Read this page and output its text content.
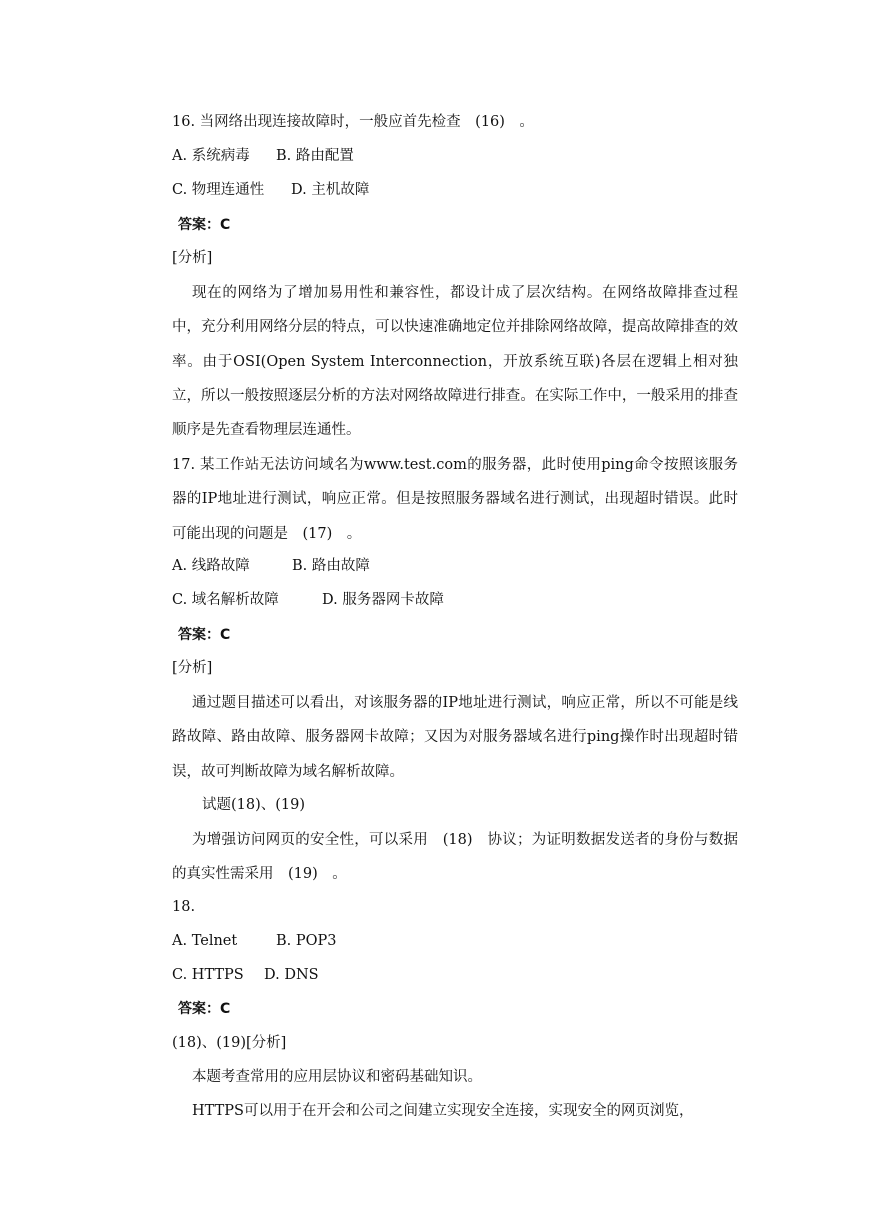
16. 当网络出现连接故障时，一般应首先检查　(16)　。
A. 系统病毒 B. 路由配置
C. 物理连通性 D. 主机故障
答案：C
[分析]
现在的网络为了增加易用性和兼容性，都设计成了层次结构。在网络故障排查过程中，充分利用网络分层的特点，可以快速准确地定位并排除网络故障，提高故障排查的效率。由于OSI(Open System Interconnection，开放系统互联)各层在逻辑上相对独立，所以一般按照逐层分析的方法对网络故障进行排查。在实际工作中，一般采用的排查顺序是先查看物理层连通性。
17. 某工作站无法访问域名为www.test.com的服务器，此时使用ping命令按照该服务器的IP地址进行测试，响应正常。但是按照服务器域名进行测试，出现超时错误。此时可能出现的问题是　(17)　。
A. 线路故障	B. 路由故障
C. 域名解析故障	D. 服务器网卡故障
答案：C
[分析]
通过题目描述可以看出，对该服务器的IP地址进行测试，响应正常，所以不可能是线路故障、路由故障、服务器网卡故障；又因为对服务器域名进行ping操作时出现超时错误，故可判断故障为域名解析故障。
试题(18)、(19)
为增强访问网页的安全性，可以采用　(18)　协议；为证明数据发送者的身份与数据的真实性需采用　(19)　。
18.
A. Telnet	B. POP3
C. HTTPS D. DNS
答案：C
(18)、(19)[分析]
本题考查常用的应用层协议和密码基础知识。
HTTPS可以用于在开会和公司之间建立实现安全连接，实现安全的网页浏览，
